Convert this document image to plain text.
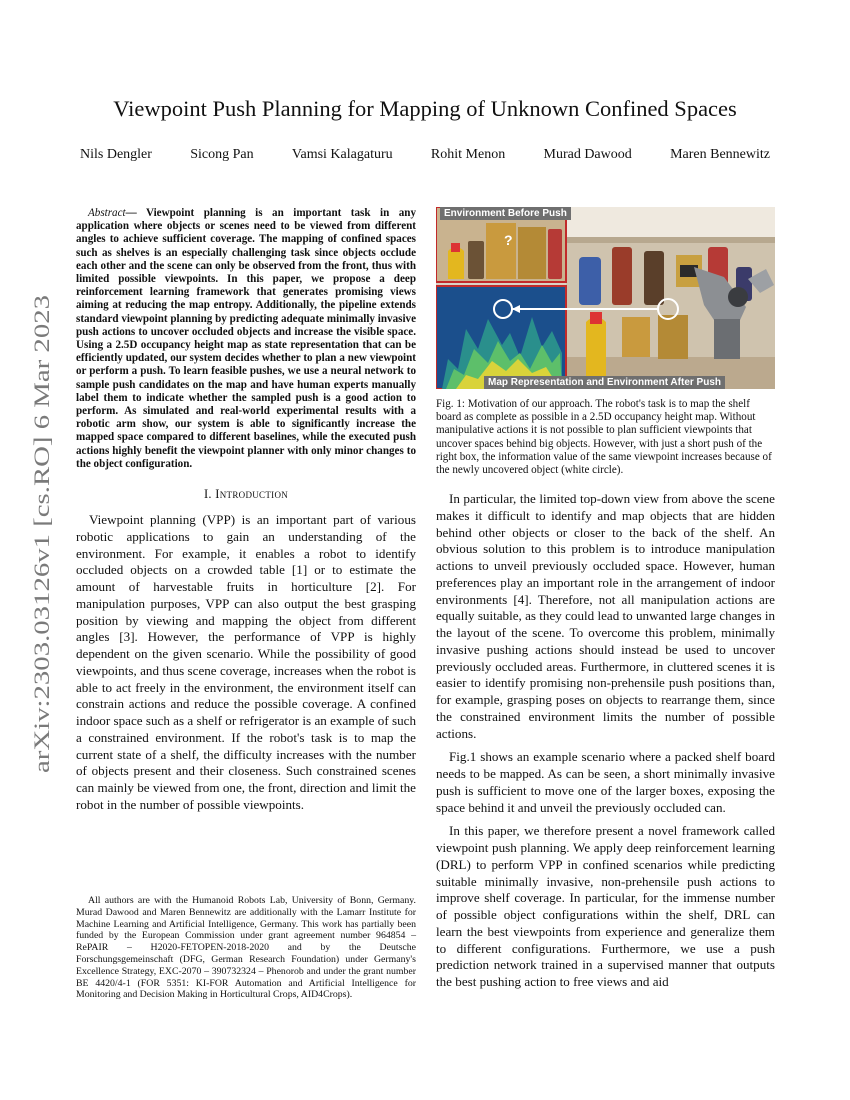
arXiv:2303.03126v1 [cs.RO] 6 Mar 2023
Viewpoint Push Planning for Mapping of Unknown Confined Spaces
Nils Dengler	Sicong Pan	Vamsi Kalagaturu	Rohit Menon	Murad Dawood	Maren Bennewitz

Abstract— Viewpoint planning is an important task in any application where objects or scenes need to be viewed from different angles to achieve sufficient coverage. The mapping of confined spaces such as shelves is an especially challenging task since objects occlude each other and the scene can only be observed from the front, thus with limited possible viewpoints. In this paper, we propose a deep reinforcement learning framework that generates promising views aiming at reducing the map entropy. Additionally, the pipeline extends standard viewpoint planning by predicting adequate minimally invasive push actions to uncover occluded objects and increase the visible space. Using a 2.5D occupancy height map as state representation that can be efficiently updated, our system decides whether to plan a new viewpoint or perform a push. To learn feasible pushes, we use a neural network to sample push candidates on the map and have human experts manually label them to indicate whether the sampled push is a good action to perform. As simulated and real-world experimental results with a robotic arm show, our system is able to significantly increase the mapped space compared to different baselines, while the executed push actions highly benefit the viewpoint planner with only minor changes to the object configuration.

I. Introduction

Viewpoint planning (VPP) is an important part of various robotic applications to gain an understanding of the environment. For example, it enables a robot to identify occluded objects on a crowded table [1] or to estimate the amount of harvestable fruits in horticulture [2]. For manipulation purposes, VPP can also output the best grasping position by viewing and mapping the object from different angles [3]. However, the performance of VPP is highly dependent on the given scenario. While the possibility of good viewpoints, and thus scene coverage, increases when the robot is able to act freely in the environment, the environment itself can constrain actions and reduce the possible coverage. A confined indoor space such as a shelf or refrigerator is an example of such a constrained environment. If the robot's task is to map the current state of a shelf, the difficulty increases with the number of objects present and their closeness. Such constrained scenes can mainly be viewed from one, the front, direction and limit the robot in the number of possible viewpoints.

All authors are with the Humanoid Robots Lab, University of Bonn, Germany. Murad Dawood and Maren Bennewitz are additionally with the Lamarr Institute for Machine Learning and Artificial Intelligence, Germany. This work has partially been funded by the European Commission under grant agreement number 964854 –RePAIR – H2020-FETOPEN-2018-2020 and by the Deutsche Forschungsgemeinschaft (DFG, German Research Foundation) under Germany's Excellence Strategy, EXC-2070 – 390732324 – Phenorob and under the grant number BE 4420/4-1 (FOR 5351: KI-FOR Automation and Artificial Intelligence for Monitoring and Decision Making in Horticultural Crops, AID4Crops).
?
Environment Before Push
Map Representation and Environment After Push

Fig. 1: Motivation of our approach. The robot's task is to map the shelf board as complete as possible in a 2.5D occupancy height map. Without manipulative actions it is not possible to plan sufficient viewpoints that uncover spaces behind big objects. However, with just a short push of the right box, the information value of the same viewpoint increases because of the newly uncovered object (white circle).

In particular, the limited top-down view from above the scene makes it difficult to identify and map objects that are hidden behind other objects or closer to the back of the shelf. An obvious solution to this problem is to introduce manipulation actions to unveil previously occluded space. However, human preferences play an important role in the arrangement of indoor environments [4]. Therefore, not all manipulation actions are equally suitable, as they could lead to unwanted large changes in the layout of the scene. To overcome this problem, minimally invasive pushing actions should instead be used to uncover previously occluded areas. Furthermore, in cluttered scenes it is easier to identify promising non-prehensile push positions than, for example, grasping poses on objects to rearrange them, since the constrained environment limits the number of possible actions.

Fig.1 shows an example scenario where a packed shelf board needs to be mapped. As can be seen, a short minimally invasive push is sufficient to move one of the larger boxes, exposing the space behind it and unveil the previously occluded can.

In this paper, we therefore present a novel framework called viewpoint push planning. We apply deep reinforcement learning (DRL) to perform VPP in confined scenarios while predicting suitable minimally invasive, non-prehensile push actions to improve shelf coverage. In particular, for the immense number of possible object configurations within the shelf, DRL can learn the best viewpoints from experience and generalize them to different configurations. Furthermore, we use a push prediction network trained in a supervised manner that outputs the best pushing action to free views and aid
